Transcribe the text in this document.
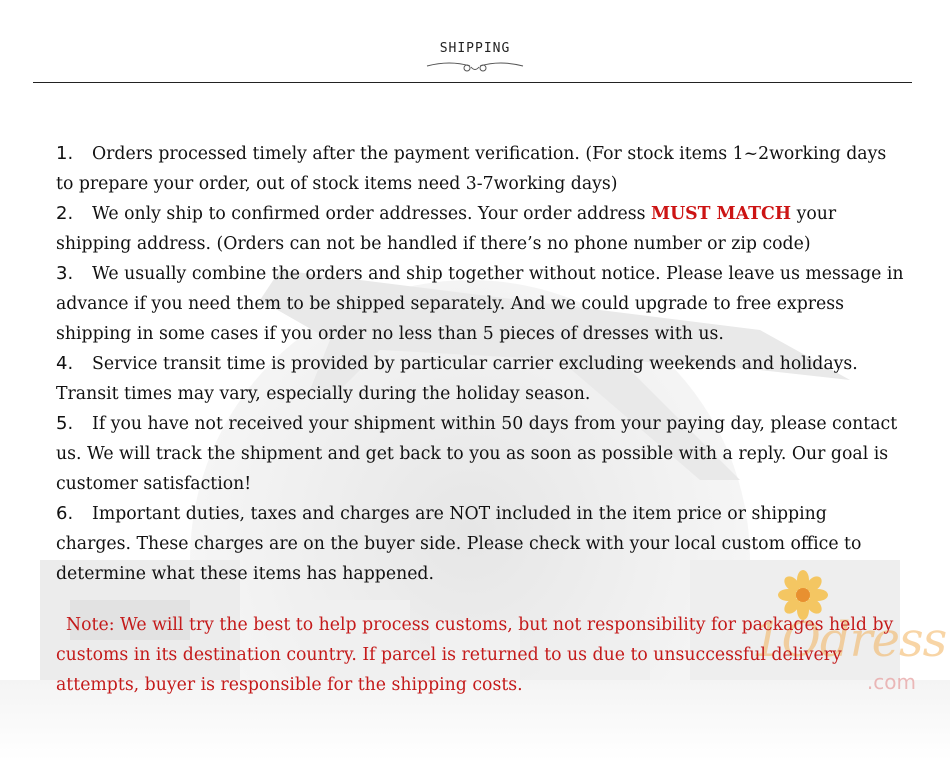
SHIPPING

1. Orders processed timely after the payment verification. (For stock items 1~2working days to prepare your order, out of stock items need 3-7working days)

2. We only ship to confirmed order addresses. Your order address MUST MATCH your shipping address. (Orders can not be handled if there’s no phone number or zip code)

3. We usually combine the orders and ship together without notice. Please leave us message in advance if you need them to be shipped separately. And we could upgrade to free express shipping in some cases if you order no less than 5 pieces of dresses with us.

4. Service transit time is provided by particular carrier excluding weekends and holidays. Transit times may vary, especially during the holiday season.

5. If you have not received your shipment within 50 days from your paying day, please contact us. We will track the shipment and get back to you as soon as possible with a reply. Our goal is customer satisfaction!

6. Important duties, taxes and charges are NOT included in the item price or shipping charges. These charges are on the buyer side. Please check with your local custom office to determine what these items has happened.

1Odress
.com
Note: We will try the best to help process customs, but not responsibility for packages held by customs in its destination country. If parcel is returned to us due to unsuccessful delivery attempts, buyer is responsible for the shipping costs.
